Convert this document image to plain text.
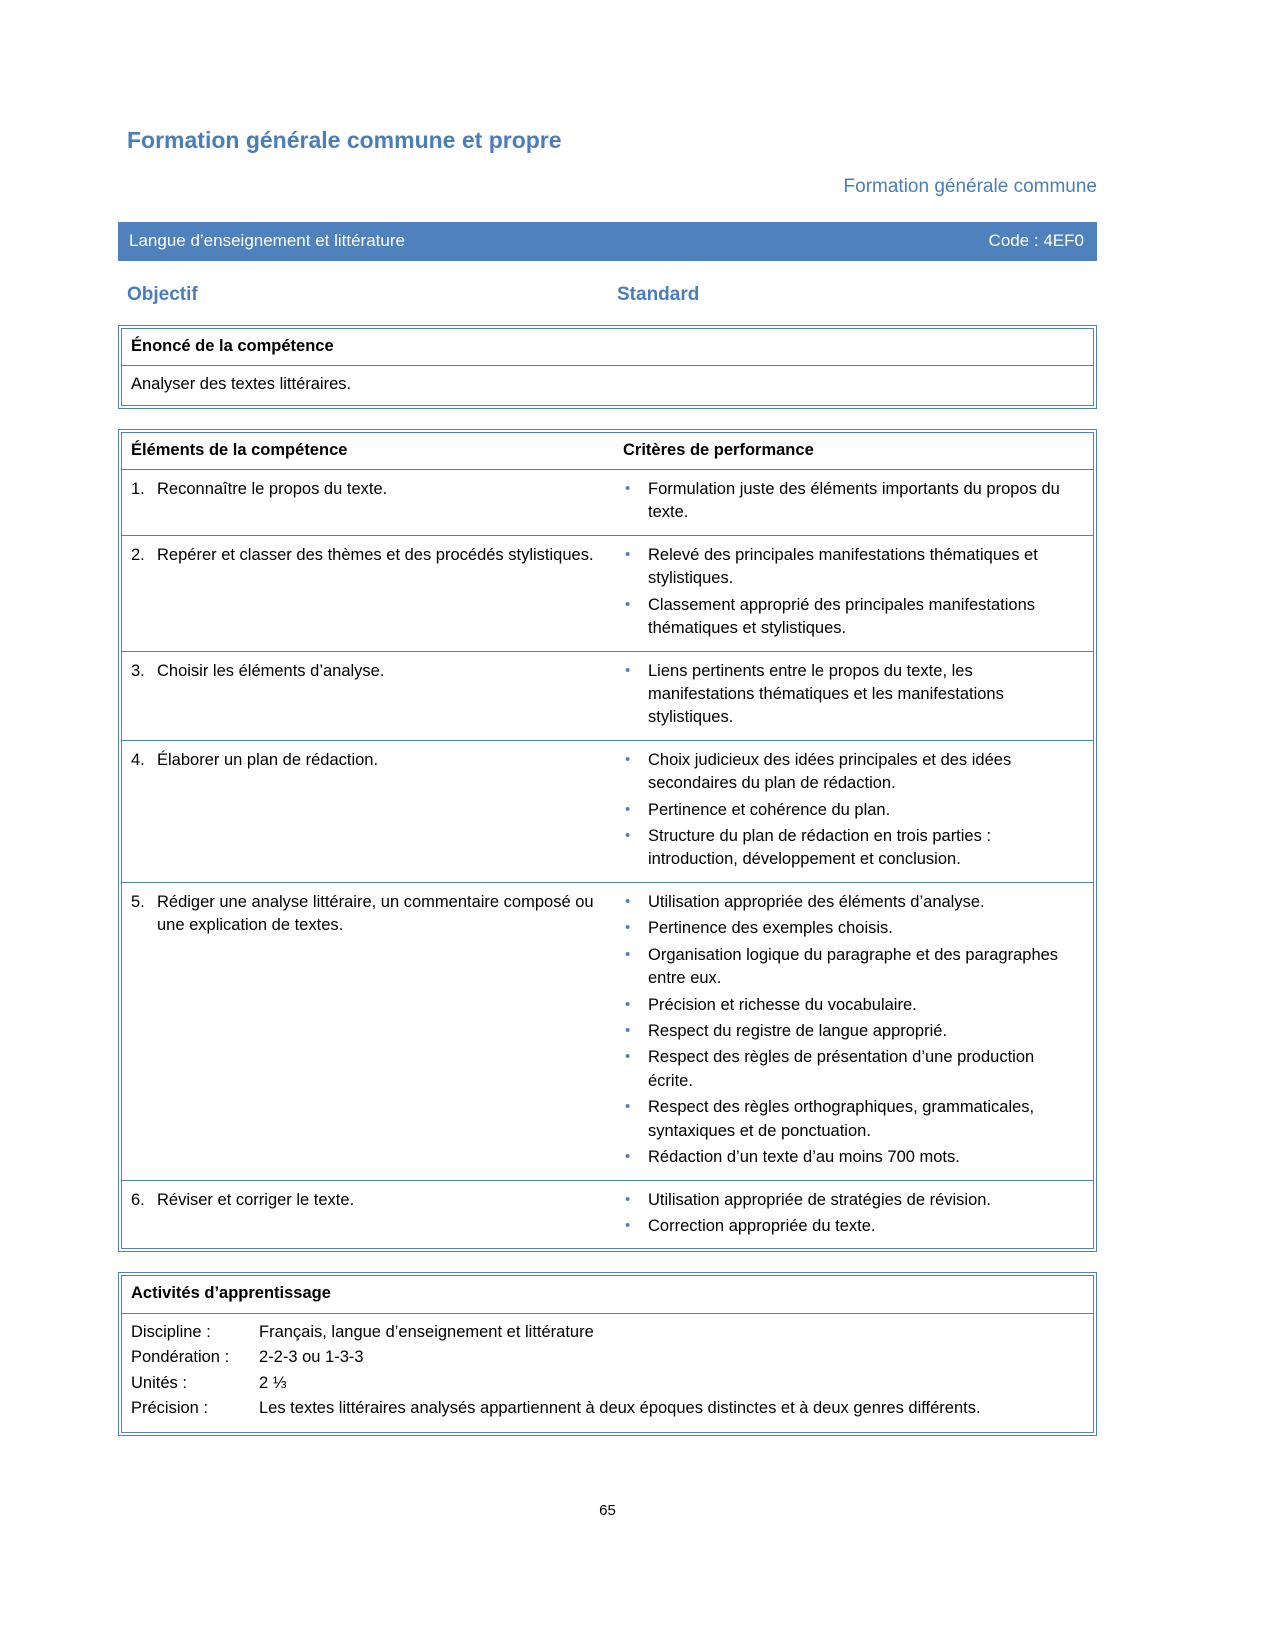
Formation générale commune et propre
Formation générale commune
Langue d’enseignement et littérature	Code : 4EF0
Objectif	Standard
Énoncé de la compétence
Analyser des textes littéraires.
Éléments de la compétence	Critères de performance
1. Reconnaître le propos du texte.	•	Formulation juste des éléments importants du propos du texte.
2. Repérer et classer des thèmes et des procédés stylistiques.	•	Relevé des principales manifestations thématiques et stylistiques.
•	Classement approprié des principales manifestations thématiques et stylistiques.
3. Choisir les éléments d’analyse.	•	Liens pertinents entre le propos du texte, les manifestations thématiques et les manifestations stylistiques.
4. Élaborer un plan de rédaction.	•	Choix judicieux des idées principales et des idées secondaires du plan de rédaction.
•	Pertinence et cohérence du plan.
•	Structure du plan de rédaction en trois parties : introduction, développement et conclusion.
5. Rédiger une analyse littéraire, un commentaire composé ou une explication de textes.
•	Utilisation appropriée des éléments d’analyse.
•	Pertinence des exemples choisis.
•	Organisation logique du paragraphe et des paragraphes entre eux.
•	Précision et richesse du vocabulaire.
•	Respect du registre de langue approprié.
•	Respect des règles de présentation d’une production écrite.
•	Respect des règles orthographiques, grammaticales, syntaxiques et de ponctuation.
•	Rédaction d’un texte d’au moins 700 mots.
6. Réviser et corriger le texte.	•	Utilisation appropriée de stratégies de révision.
•	Correction appropriée du texte.
Activités d’apprentissage
Discipline :	Français, langue d’enseignement et littérature
Pondération :	2-2-3 ou 1-3-3
Unités :	2 ⅓
Précision :	Les textes littéraires analysés appartiennent à deux époques distinctes et à deux genres différents.
65
